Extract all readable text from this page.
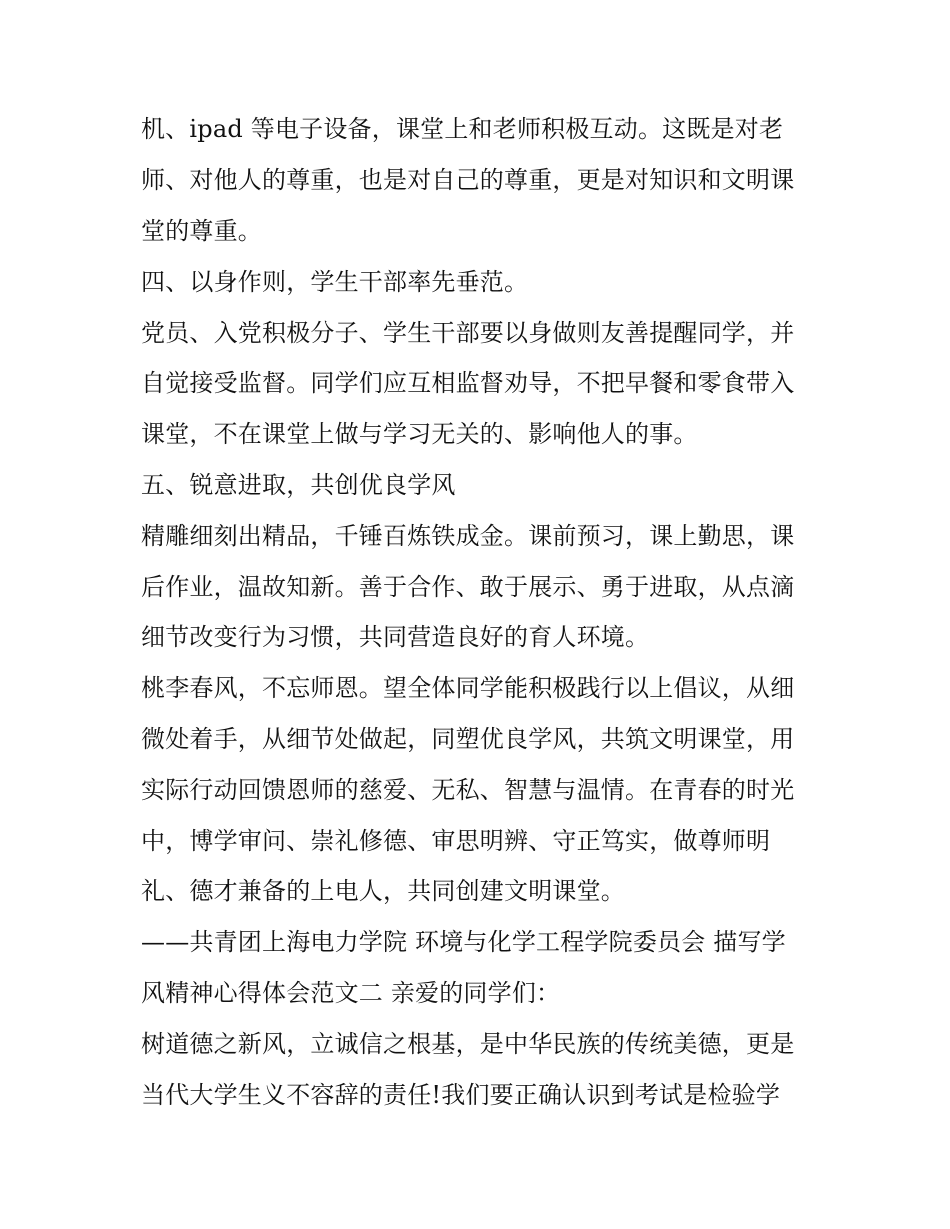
机、ipad 等电子设备，课堂上和老师积极互动。这既是对老
师、对他人的尊重，也是对自己的尊重，更是对知识和文明课
堂的尊重。
四、以身作则，学生干部率先垂范。
党员、入党积极分子、学生干部要以身做则友善提醒同学，并
自觉接受监督。同学们应互相监督劝导，不把早餐和零食带入
课堂，不在课堂上做与学习无关的、影响他人的事。
五、锐意进取，共创优良学风
精雕细刻出精品，千锤百炼铁成金。课前预习，课上勤思，课
后作业，温故知新。善于合作、敢于展示、勇于进取，从点滴
细节改变行为习惯，共同营造良好的育人环境。
桃李春风，不忘师恩。望全体同学能积极践行以上倡议，从细
微处着手，从细节处做起，同塑优良学风，共筑文明课堂，用
实际行动回馈恩师的慈爱、无私、智慧与温情。在青春的时光
中，博学审问、崇礼修德、审思明辨、守正笃实，做尊师明
礼、德才兼备的上电人，共同创建文明课堂。
——共青团上海电力学院 环境与化学工程学院委员会 描写学
风精神心得体会范文二 亲爱的同学们：
树道德之新风，立诚信之根基，是中华民族的传统美德，更是
当代大学生义不容辞的责任!我们要正确认识到考试是检验学
